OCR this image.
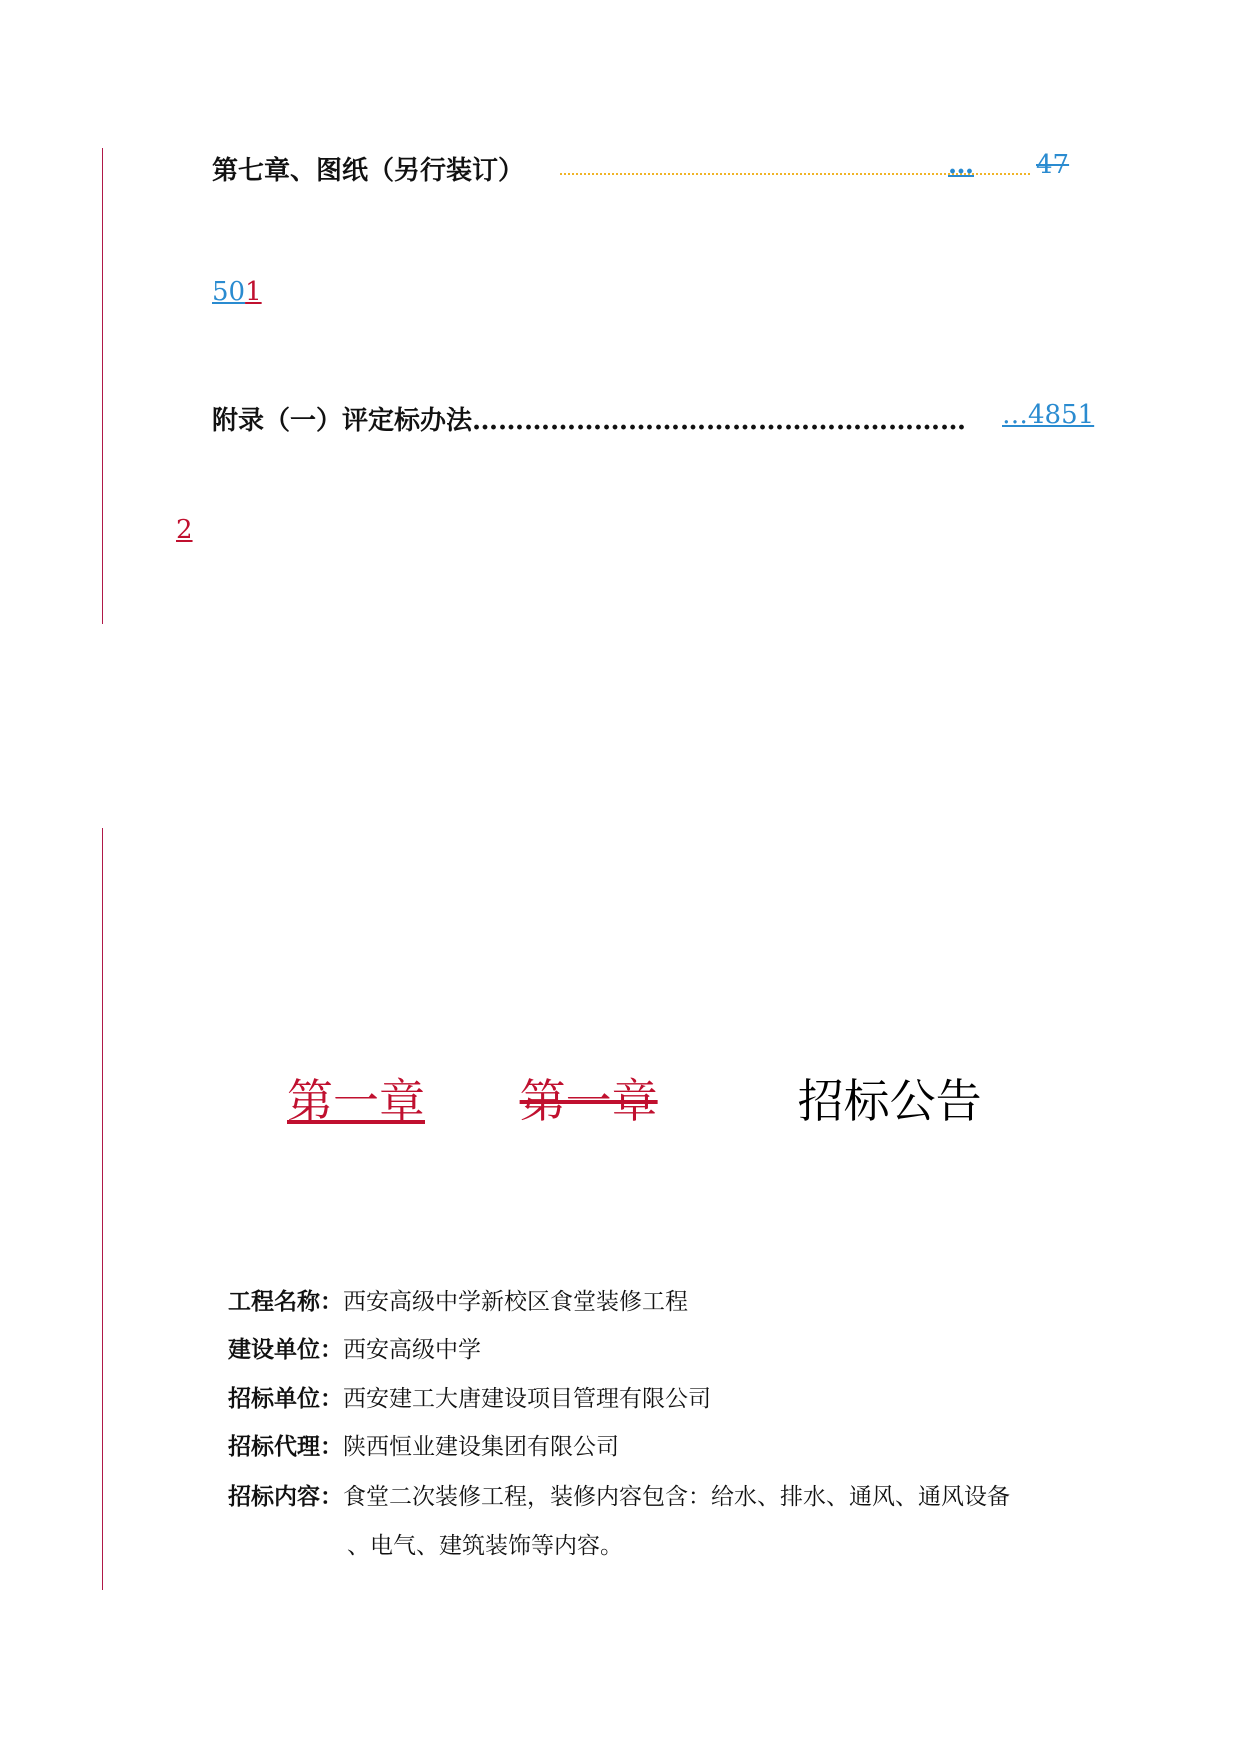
第七章、图纸（另行装订）	… 47
501
附录（一）评定标办法………………………………………………… …4851
2
第一章 第一章	招标公告
工程名称：西安高级中学新校区食堂装修工程
建设单位：西安高级中学
招标单位：西安建工大唐建设项目管理有限公司
招标代理：陕西恒业建设集团有限公司
招标内容：食堂二次装修工程，装修内容包含：给水、排水、通风、通风设备
、电气、建筑装饰等内容。
